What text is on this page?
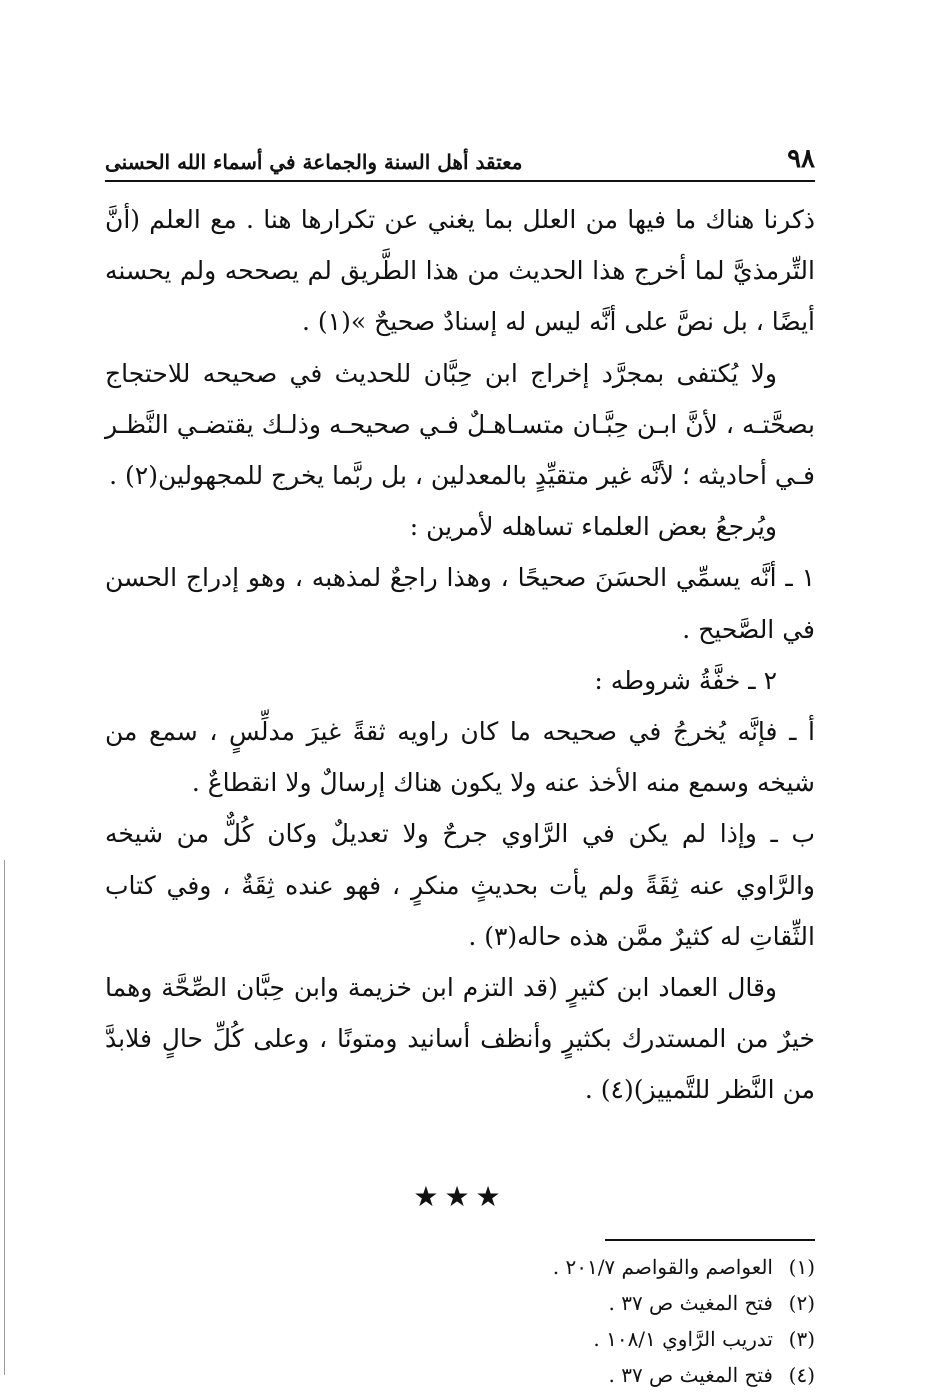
٩٨
معتقد أهل السنة والجماعة في أسماء الله الحسنى

ذكرنا هناك ما فيها من العلل بما يغني عن تكرارها هنا . مع العلم (أنَّ التِّرمذيَّ لما أخرج هذا الحديث من هذا الطَّريق لم يصححه ولم يحسنه أيضًا ، بل نصَّ على أنَّه ليس له إسنادٌ صحيحٌ »(١) .

ولا يُكتفى بمجرَّد إخراج ابن حِبَّان للحديث في صحيحه للاحتجاج بصحَّتـه ، لأنَّ ابـن حِبَّـان متسـاهـلٌ فـي صحيحـه وذلـك يقتضـي النَّظـر فـي أحاديثه ؛ لأنَّه غير متقيِّدٍ بالمعدلين ، بل ربَّما يخرج للمجهولين(٢) .

ويُرجعُ بعض العلماء تساهله لأمرين :

١ ـ أنَّه يسمِّي الحسَنَ صحيحًا ، وهذا راجعٌ لمذهبه ، وهو إدراج الحسن في الصَّحيح .

٢ ـ خفَّةُ شروطه :

أ ـ فإنَّه يُخرجُ في صحيحه ما كان راويه ثقةً غيرَ مدلِّسٍ ، سمع من شيخه وسمع منه الأخذ عنه ولا يكون هناك إرسالٌ ولا انقطاعٌ .

ب ـ وإذا لم يكن في الرَّاوي جرحٌ ولا تعديلٌ وكان كُلٌّ من شيخه والرَّاوي عنه ثِقَةً ولم يأت بحديثٍ منكرٍ ، فهو عنده ثِقَةٌ ، وفي كتاب الثِّقاتِ له كثيرٌ ممَّن هذه حاله(٣) .

وقال العماد ابن كثيرٍ (قد التزم ابن خزيمة وابن حِبَّان الصِّحَّة وهما خيرٌ من المستدرك بكثيرٍ وأنظف أسانيد ومتونًا ، وعلى كُلِّ حالٍ فلابدَّ من النَّظر للتَّمييز)(٤) .

★★★
(١)
العواصم والقواصم ٢٠١/٧ .
(٢)
فتح المغيث ص ٣٧ .
(٣)
تدريب الرَّاوي ١٠٨/١ .
(٤)
فتح المغيث ص ٣٧ .
